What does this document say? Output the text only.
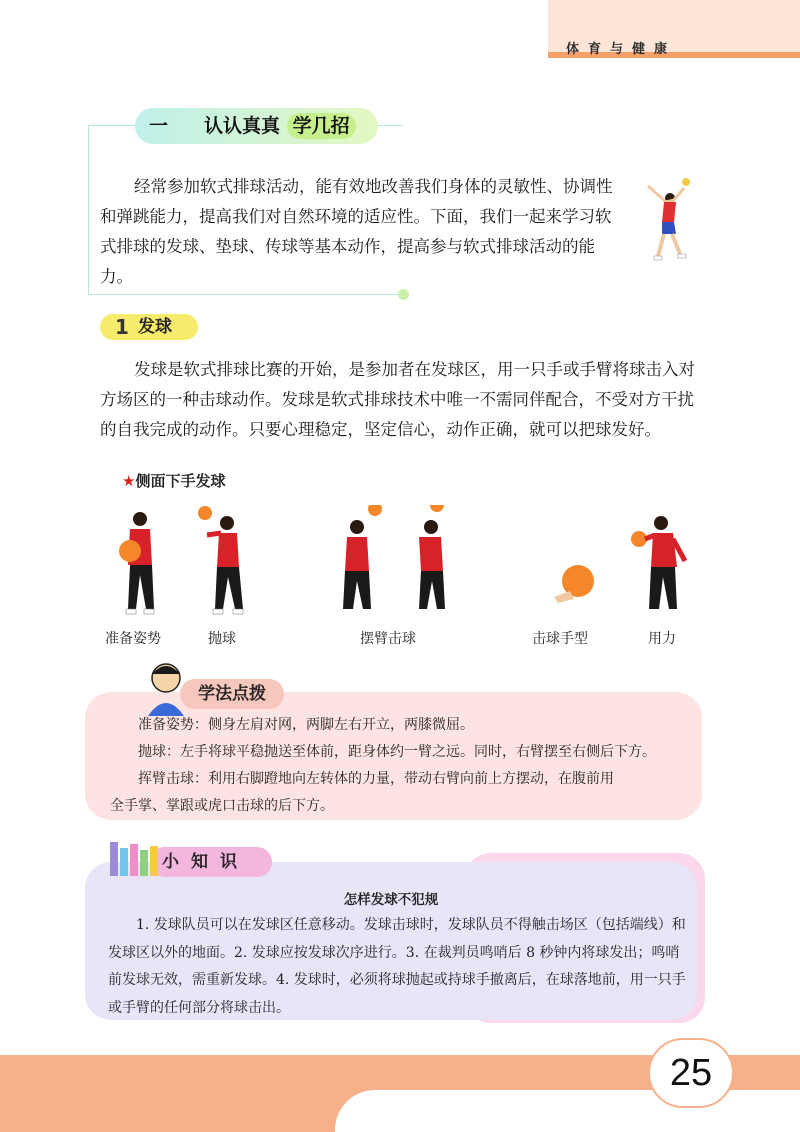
体育与健康
一 认认真真 学几招

经常参加软式排球活动，能有效地改善我们身体的灵敏性、协调性和弹跳能力，提高我们对自然环境的适应性。下面，我们一起来学习软式排球的发球、垫球、传球等基本动作，提高参与软式排球活动的能力。

1 发球

发球是软式排球比赛的开始，是参加者在发球区，用一只手或手臂将球击入对方场区的一种击球动作。发球是软式排球技术中唯一不需同伴配合，不受对方干扰的自我完成的动作。只要心理稳定，坚定信心，动作正确，就可以把球发好。

★侧面下手发球
准备姿势	抛球	摆臂击球	击球手型	用力
学法点拨

准备姿势：侧身左肩对网，两脚左右开立，两膝微屈。

抛球：左手将球平稳抛送至体前，距身体约一臂之远。同时，右臂摆至右侧后下方。

挥臂击球：利用右脚蹬地向左转体的力量，带动右臂向前上方摆动，在腹前用

全手掌、掌跟或虎口击球的后下方。

小知识
怎样发球不犯规

1. 发球队员可以在发球区任意移动。发球击球时，发球队员不得触击场区（包括端线）和发球区以外的地面。2. 发球应按发球次序进行。3. 在裁判员鸣哨后 8 秒钟内将球发出；鸣哨前发球无效，需重新发球。4. 发球时，必须将球抛起或持球手撤离后，在球落地前，用一只手或手臂的任何部分将球击出。

25
